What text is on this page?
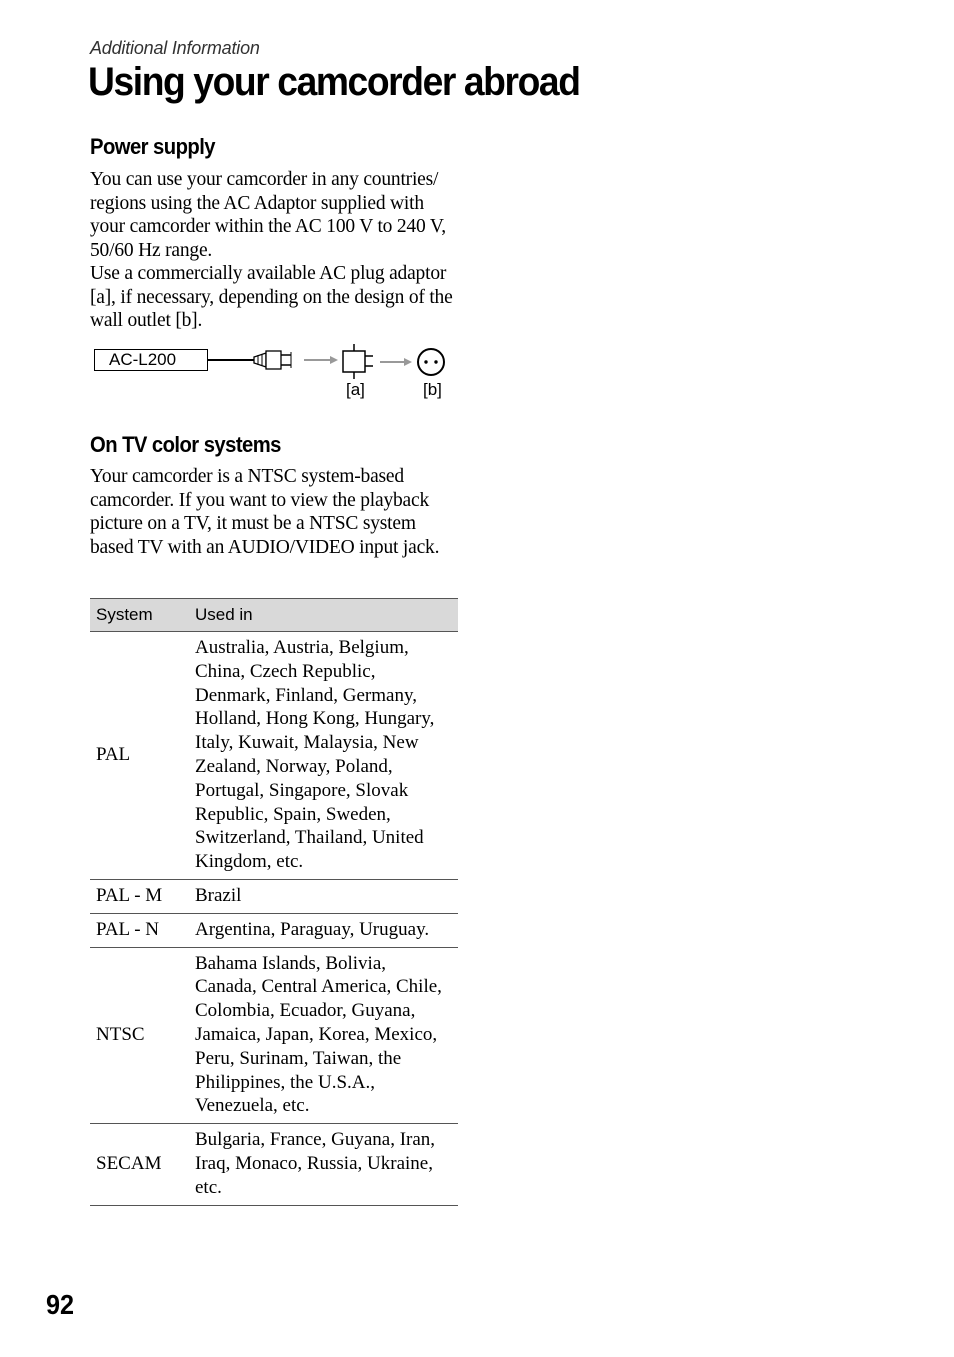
Additional Information
Using your camcorder abroad
Power supply

You can use your camcorder in any countries/ regions using the AC Adaptor supplied with your camcorder within the AC 100 V to 240 V, 50/60 Hz range.

Use a commercially available AC plug adaptor [a], if necessary, depending on the design of the wall outlet [b].

AC-L200
[a]	[b]
On TV color systems

Your camcorder is a NTSC system-based camcorder. If you want to view the playback picture on a TV, it must be a NTSC system based TV with an AUDIO/VIDEO input jack.

System	Used in
PAL	Australia, Austria, Belgium, China, Czech Republic, Denmark, Finland, Germany, Holland, Hong Kong, Hungary, Italy, Kuwait, Malaysia, New Zealand, Norway, Poland, Portugal, Singapore, Slovak Republic, Spain, Sweden, Switzerland, Thailand, United Kingdom, etc.
PAL - M	Brazil
PAL - N	Argentina, Paraguay, Uruguay.
NTSC	Bahama Islands, Bolivia, Canada, Central America, Chile, Colombia, Ecuador, Guyana, Jamaica, Japan, Korea, Mexico, Peru, Surinam, Taiwan, the Philippines, the U.S.A., Venezuela, etc.
SECAM	Bulgaria, France, Guyana, Iran, Iraq, Monaco, Russia, Ukraine, etc.
92
